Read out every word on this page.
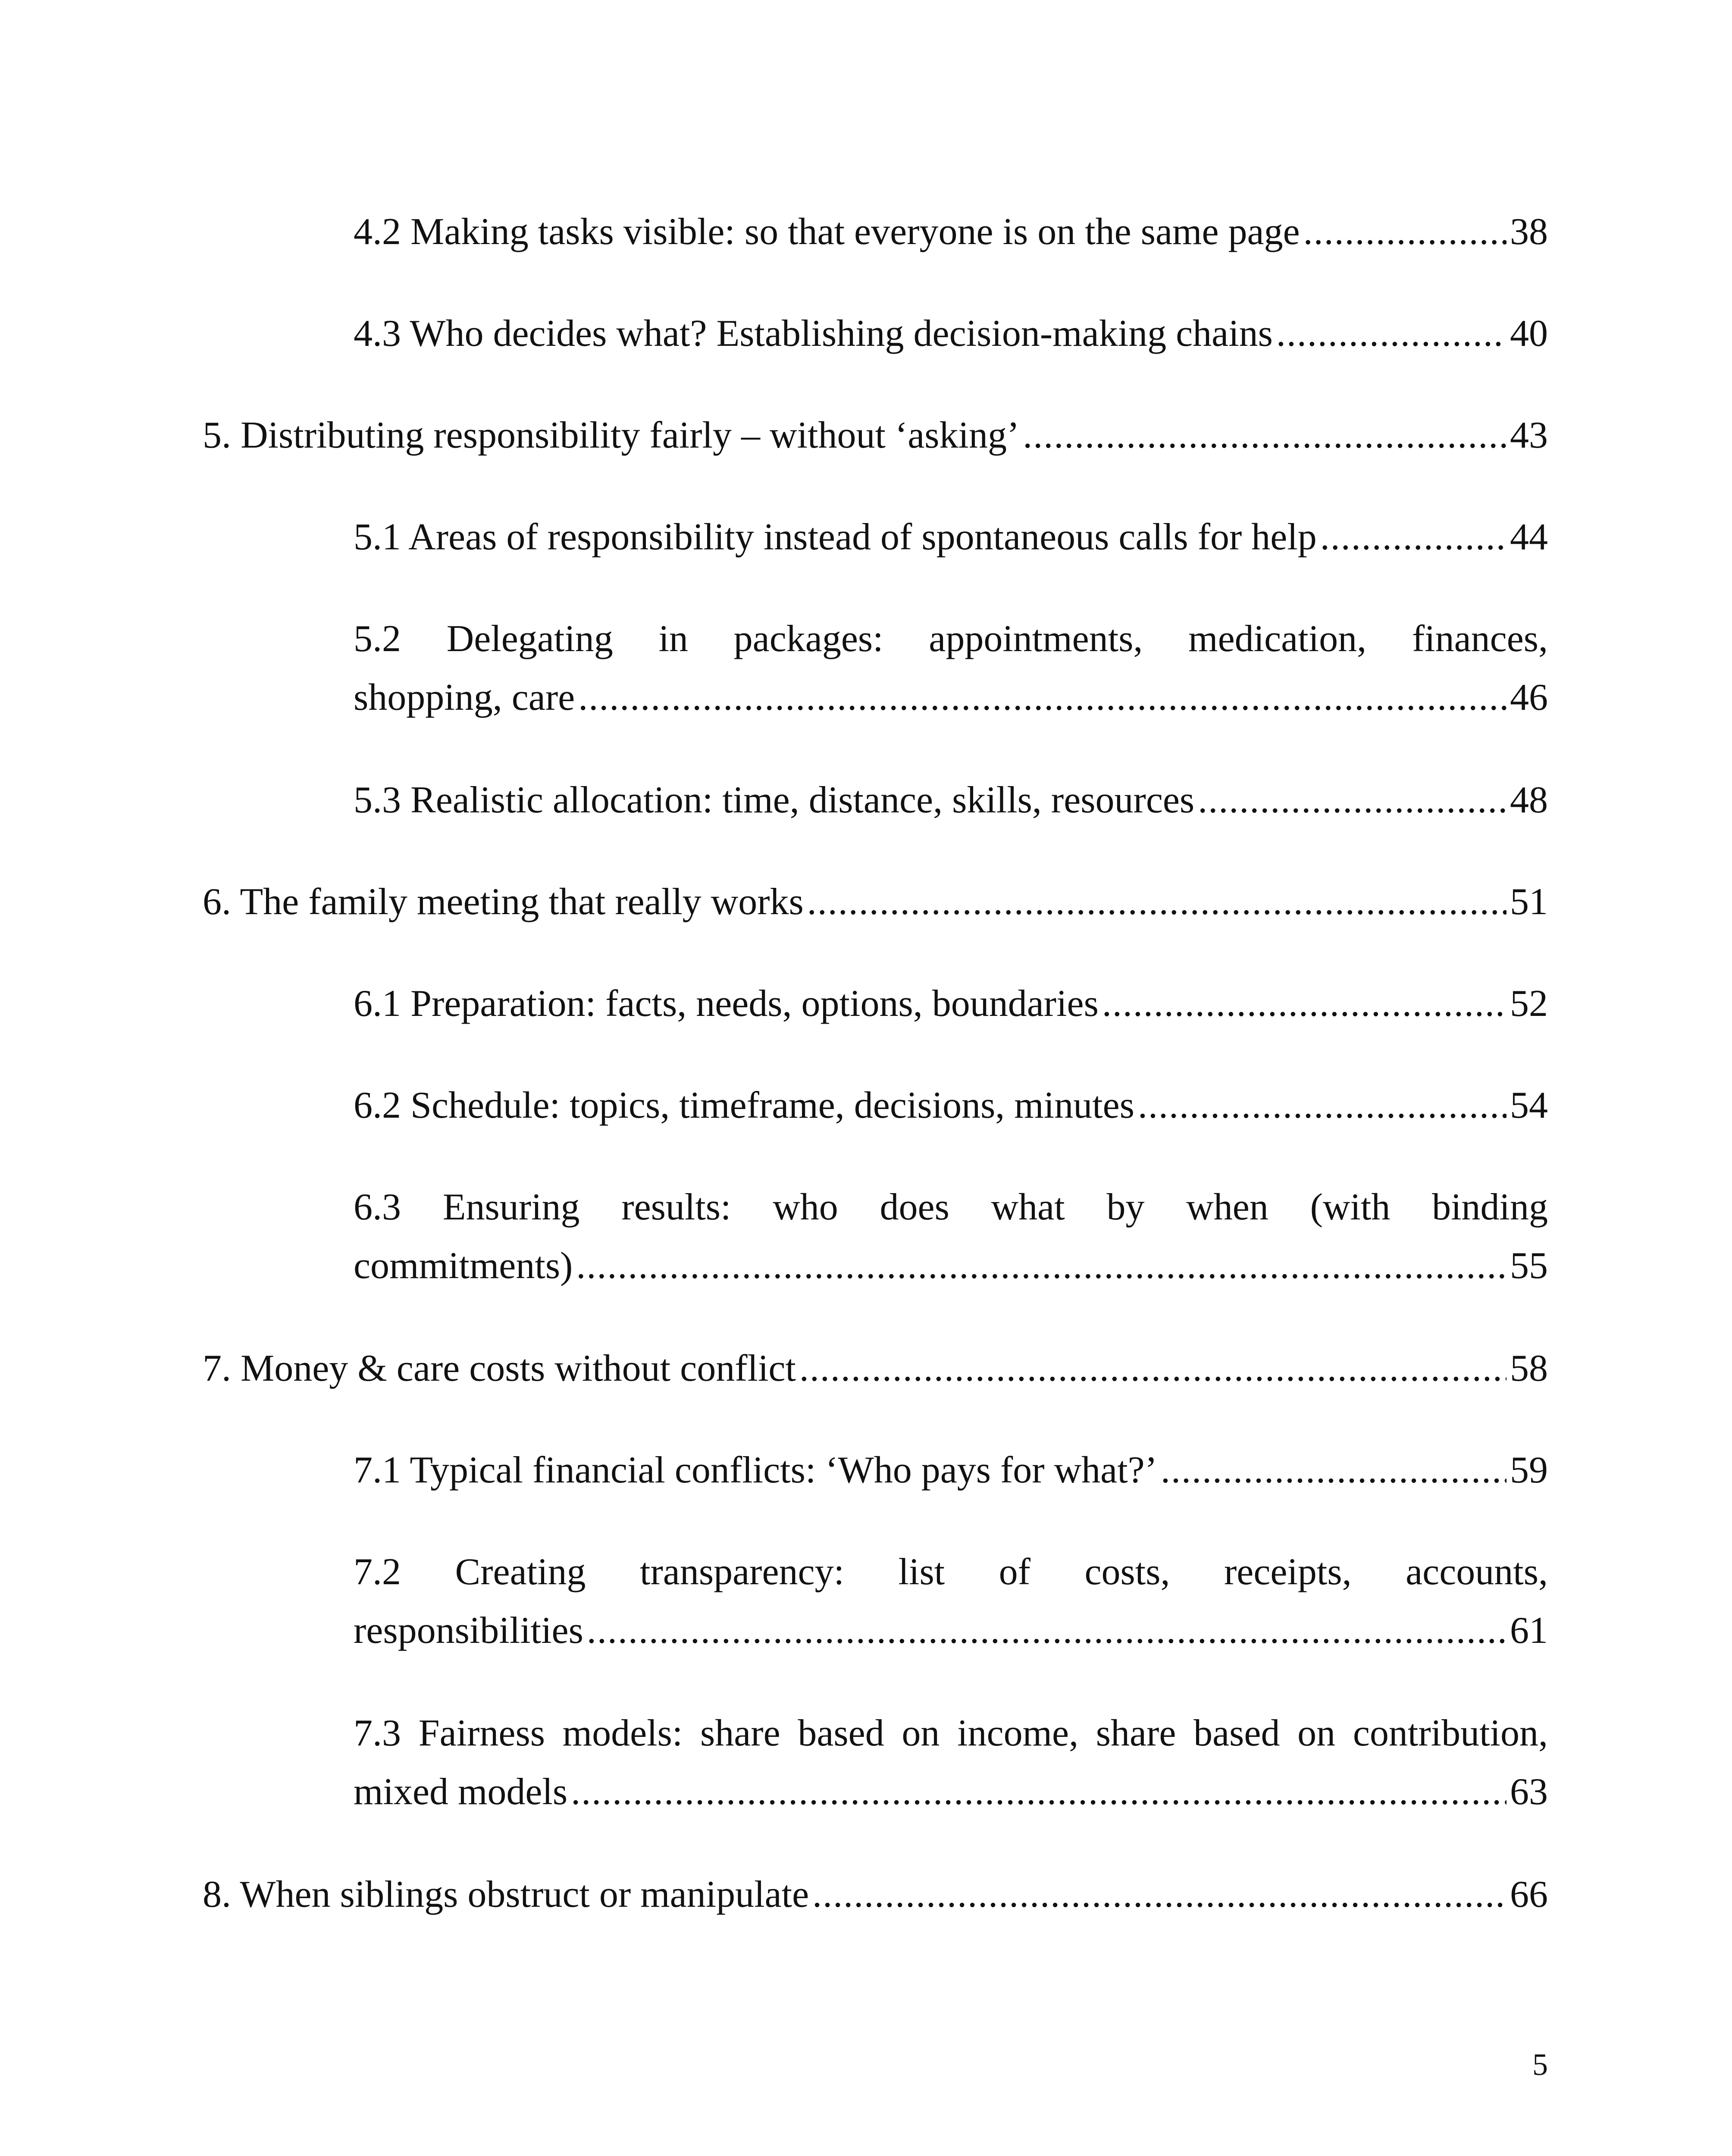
4.2 Making tasks visible: so that everyone is on the same page .....	38
4.3 Who decides what? Establishing decision-making chains .....	40
5. Distributing responsibility fairly – without ‘asking’ .....	43
5.1 Areas of responsibility instead of spontaneous calls for help .....	44
5.2 Delegating in packages: appointments, medication, finances,
shopping, care .....	46
5.3 Realistic allocation: time, distance, skills, resources .....	48
6. The family meeting that really works .....	51
6.1 Preparation: facts, needs, options, boundaries .....	52
6.2 Schedule: topics, timeframe, decisions, minutes .....	54
6.3 Ensuring results: who does what by when (with binding
commitments) .....	55
7. Money & care costs without conflict .....	58
7.1 Typical financial conflicts: ‘Who pays for what?’ .....	59
7.2 Creating transparency: list of costs, receipts, accounts,
responsibilities .....	61
7.3 Fairness models: share based on income, share based on contribution,
mixed models .....	63
8. When siblings obstruct or manipulate .....	66
5
